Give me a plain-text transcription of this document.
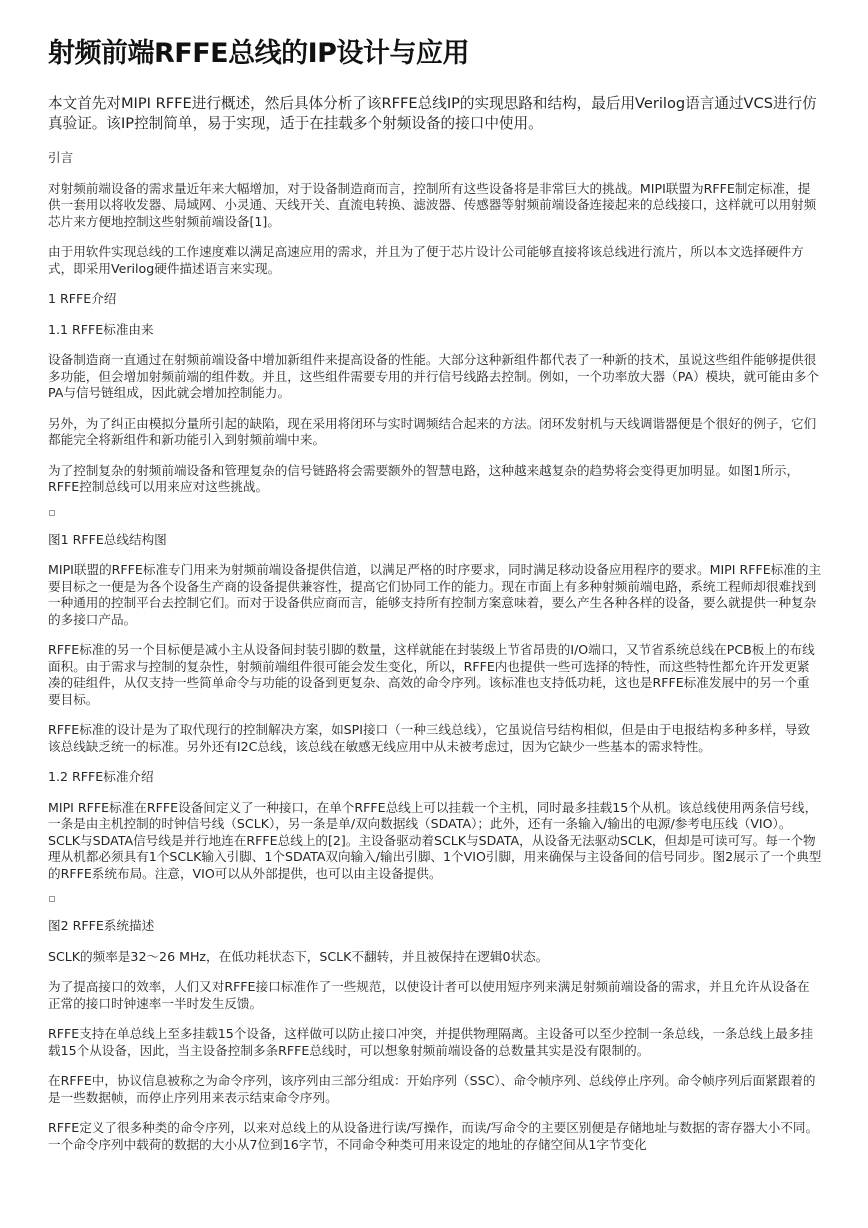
射频前端RFFE总线的IP设计与应用
本文首先对MIPI RFFE进行概述，然后具体分析了该RFFE总线IP的实现思路和结构，最后用Verilog语言通过VCS进行仿真验证。该IP控制简单，易于实现，适于在挂载多个射频设备的接口中使用。
引言
对射频前端设备的需求量近年来大幅增加，对于设备制造商而言，控制所有这些设备将是非常巨大的挑战。MIPI联盟为RFFE制定标准，提供一套用以将收发器、局域网、小灵通、天线开关、直流电转换、滤波器、传感器等射频前端设备连接起来的总线接口，这样就可以用射频芯片来方便地控制这些射频前端设备[1]。
由于用软件实现总线的工作速度难以满足高速应用的需求，并且为了便于芯片设计公司能够直接将该总线进行流片，所以本文选择硬件方式，即采用Verilog硬件描述语言来实现。
1 RFFE介绍
1.1 RFFE标准由来
设备制造商一直通过在射频前端设备中增加新组件来提高设备的性能。大部分这种新组件都代表了一种新的技术，虽说这些组件能够提供很多功能，但会增加射频前端的组件数。并且，这些组件需要专用的并行信号线路去控制。例如，一个功率放大器（PA）模块，就可能由多个PA与信号链组成，因此就会增加控制能力。
另外，为了纠正由模拟分量所引起的缺陷，现在采用将闭环与实时调频结合起来的方法。闭环发射机与天线调谐器便是个很好的例子，它们都能完全将新组件和新功能引入到射频前端中来。
为了控制复杂的射频前端设备和管理复杂的信号链路将会需要额外的智慧电路，这种越来越复杂的趋势将会变得更加明显。如图1所示，RFFE控制总线可以用来应对这些挑战。
图1 RFFE总线结构图
MIPI联盟的RFFE标准专门用来为射频前端设备提供信道，以满足严格的时序要求，同时满足移动设备应用程序的要求。MIPI RFFE标准的主要目标之一便是为各个设备生产商的设备提供兼容性，提高它们协同工作的能力。现在市面上有多种射频前端电路，系统工程师却很难找到一种通用的控制平台去控制它们。而对于设备供应商而言，能够支持所有控制方案意味着，要么产生各种各样的设备，要么就提供一种复杂的多接口产品。
RFFE标准的另一个目标便是减小主从设备间封装引脚的数量，这样就能在封装级上节省昂贵的I/O端口，又节省系统总线在PCB板上的布线面积。由于需求与控制的复杂性，射频前端组件很可能会发生变化，所以，RFFE内也提供一些可选择的特性，而这些特性都允许开发更紧凑的硅组件，从仅支持一些简单命令与功能的设备到更复杂、高效的命令序列。该标准也支持低功耗，这也是RFFE标准发展中的另一个重要目标。
RFFE标准的设计是为了取代现行的控制解决方案，如SPI接口（一种三线总线），它虽说信号结构相似，但是由于电报结构多种多样，导致该总线缺乏统一的标准。另外还有I2C总线，该总线在敏感无线应用中从未被考虑过，因为它缺少一些基本的需求特性。
1.2 RFFE标准介绍
MIPI RFFE标准在RFFE设备间定义了一种接口，在单个RFFE总线上可以挂载一个主机，同时最多挂载15个从机。该总线使用两条信号线，一条是由主机控制的时钟信号线（SCLK），另一条是单/双向数据线（SDATA）；此外，还有一条输入/输出的电源/参考电压线（VIO）。SCLK与SDATA信号线是并行地连在RFFE总线上的[2]。主设备驱动着SCLK与SDATA，从设备无法驱动SCLK，但却是可读可写。每一个物理从机都必须具有1个SCLK输入引脚、1个SDATA双向输入/输出引脚、1个VIO引脚，用来确保与主设备间的信号同步。图2展示了一个典型的RFFE系统布局。注意，VIO可以从外部提供，也可以由主设备提供。
图2 RFFE系统描述
SCLK的频率是32～26 MHz，在低功耗状态下，SCLK不翻转，并且被保持在逻辑0状态。
为了提高接口的效率，人们又对RFFE接口标准作了一些规范，以使设计者可以使用短序列来满足射频前端设备的需求，并且允许从设备在正常的接口时钟速率一半时发生反馈。
RFFE支持在单总线上至多挂载15个设备，这样做可以防止接口冲突，并提供物理隔离。主设备可以至少控制一条总线，一条总线上最多挂载15个从设备，因此，当主设备控制多条RFFE总线时，可以想象射频前端设备的总数量其实是没有限制的。
在RFFE中，协议信息被称之为命令序列，该序列由三部分组成：开始序列（SSC）、命令帧序列、总线停止序列。命令帧序列后面紧跟着的是一些数据帧，而停止序列用来表示结束命令序列。
RFFE定义了很多种类的命令序列，以来对总线上的从设备进行读/写操作，而读/写命令的主要区别便是存储地址与数据的寄存器大小不同。一个命令序列中载荷的数据的大小从7位到16字节，不同命令种类可用来设定的地址的存储空间从1字节变化
